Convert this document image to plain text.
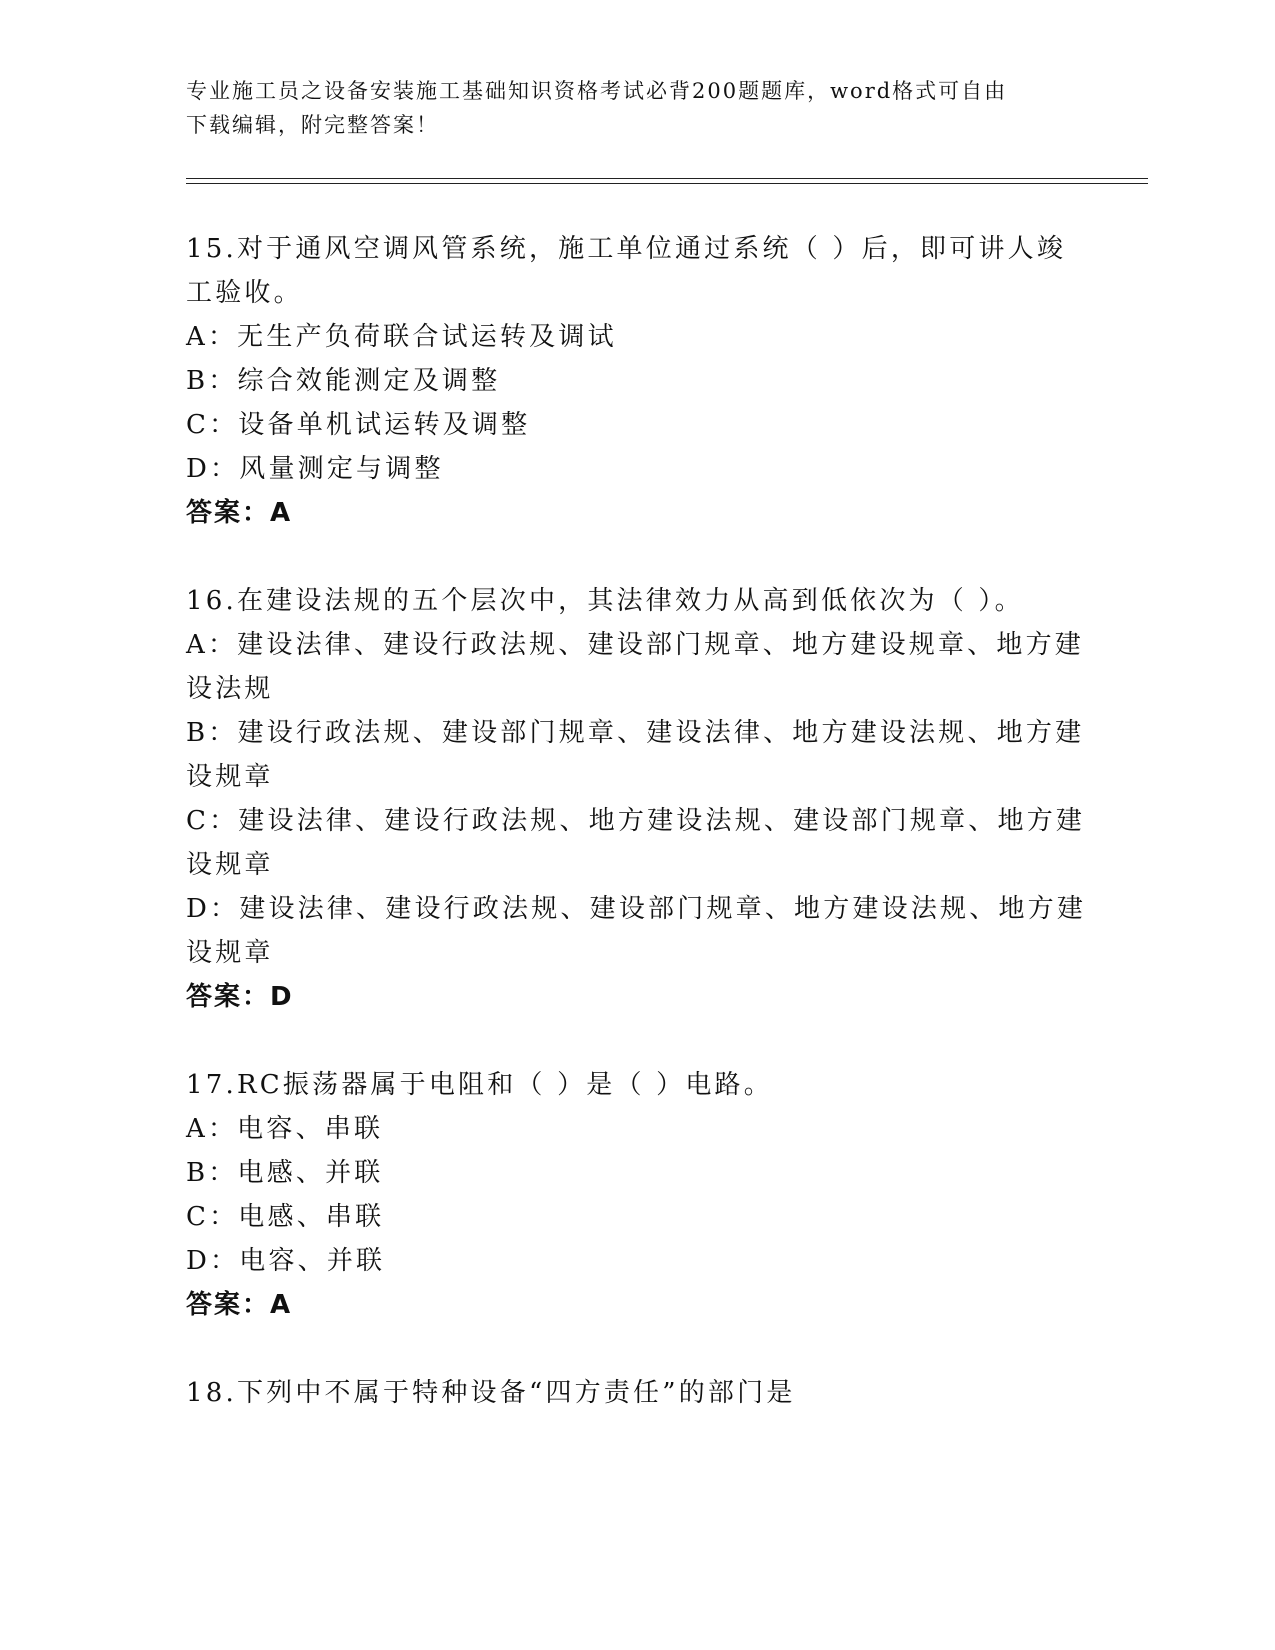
专业施工员之设备安装施工基础知识资格考试必背200题题库，word格式可自由
下载编辑，附完整答案！
15.对于通风空调风管系统，施工单位通过系统（ ）后，即可讲人竣
工验收。
A：无生产负荷联合试运转及调试
B：综合效能测定及调整
C：设备单机试运转及调整
D：风量测定与调整
答案：A
16.在建设法规的五个层次中，其法律效力从高到低依次为（ ）。
A：建设法律、建设行政法规、建设部门规章、地方建设规章、地方建
设法规
B：建设行政法规、建设部门规章、建设法律、地方建设法规、地方建
设规章
C：建设法律、建设行政法规、地方建设法规、建设部门规章、地方建
设规章
D：建设法律、建设行政法规、建设部门规章、地方建设法规、地方建
设规章
答案：D
17.RC振荡器属于电阻和（ ）是（ ）电路。
A：电容、串联
B：电感、并联
C：电感、串联
D：电容、并联
答案：A
18.下列中不属于特种设备“四方责任”的部门是
